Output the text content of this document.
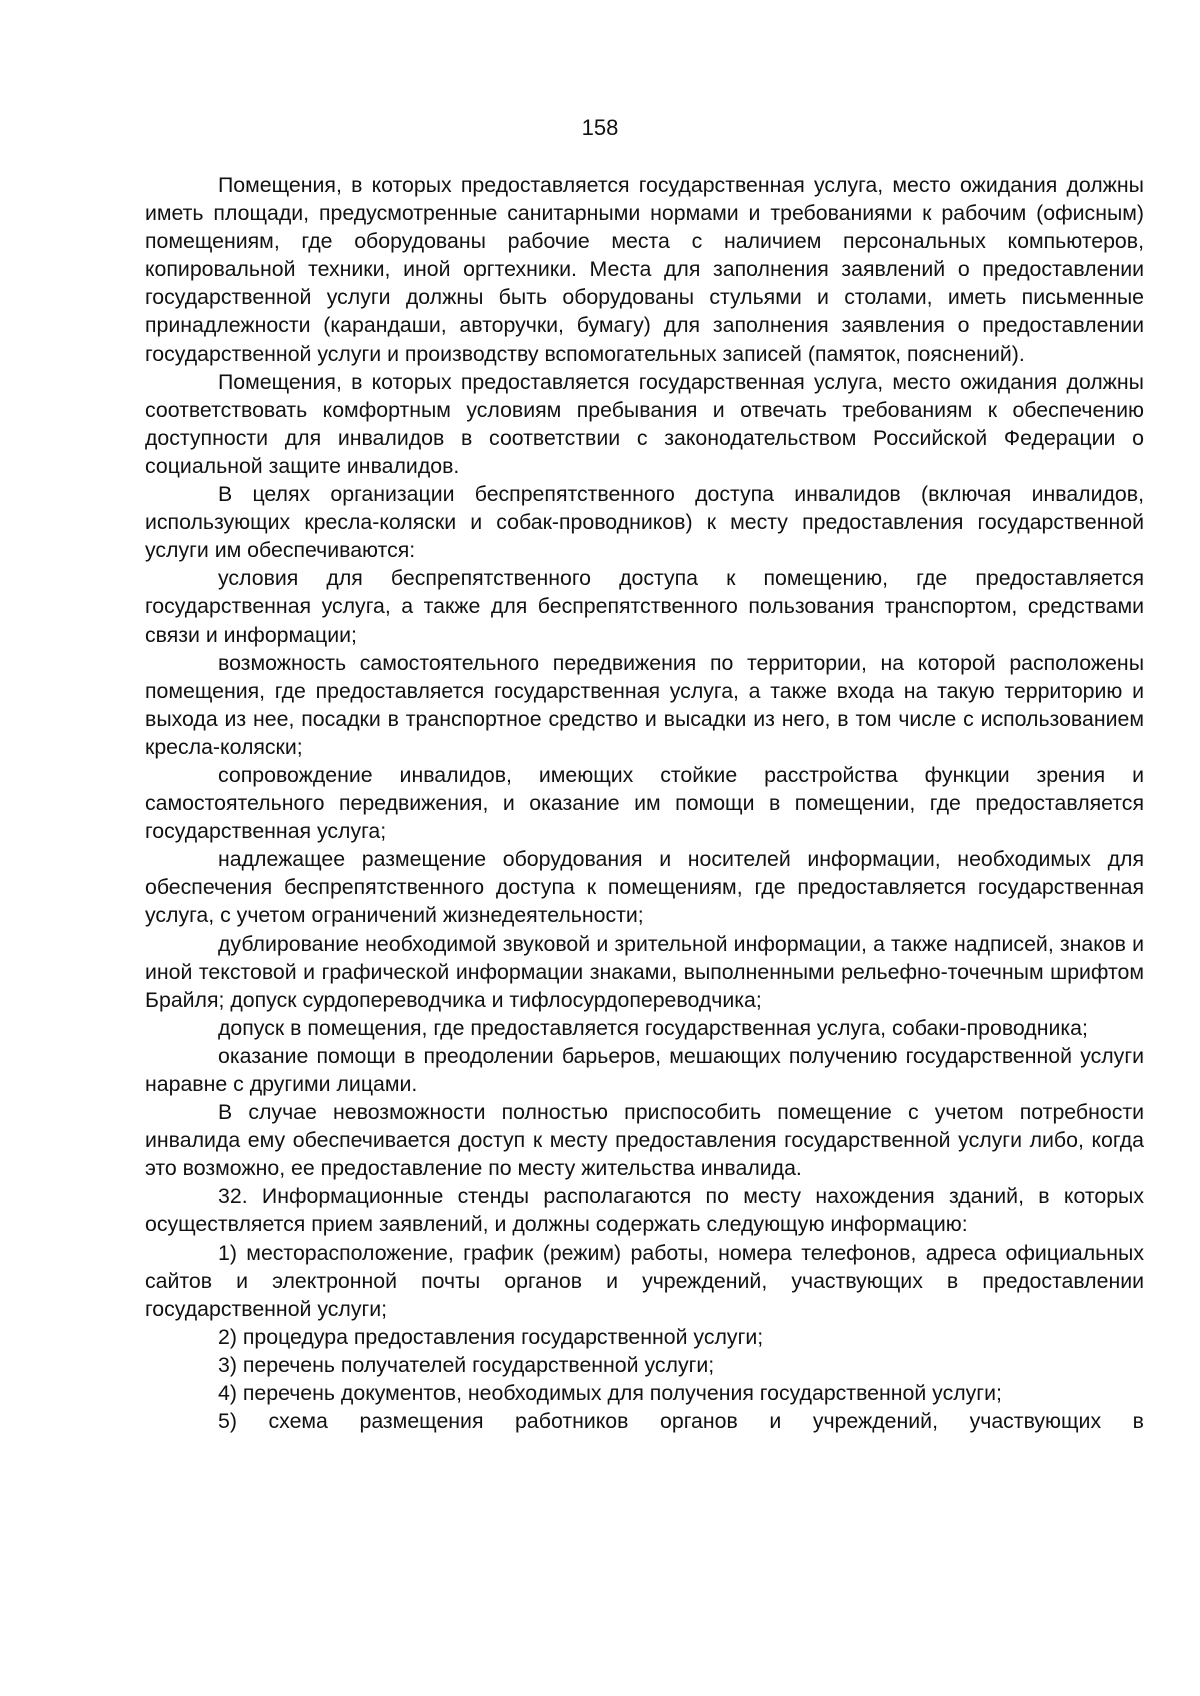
158

Помещения, в которых предоставляется государственная услуга, место ожидания должны иметь площади, предусмотренные санитарными нормами и требованиями к рабочим (офисным) помещениям, где оборудованы рабочие места с наличием персональных компьютеров, копировальной техники, иной оргтехники. Места для заполнения заявлений о предоставлении государственной услуги должны быть оборудованы стульями и столами, иметь письменные принадлежности (карандаши, авторучки, бумагу) для заполнения заявления о предоставлении государственной услуги и производству вспомогательных записей (памяток, пояснений).

Помещения, в которых предоставляется государственная услуга, место ожидания должны соответствовать комфортным условиям пребывания и отвечать требованиям к обеспечению доступности для инвалидов в соответствии с законодательством Российской Федерации о социальной защите инвалидов.

В целях организации беспрепятственного доступа инвалидов (включая инвалидов, использующих кресла-коляски и собак-проводников) к месту предоставления государственной услуги им обеспечиваются:

условия для беспрепятственного доступа к помещению, где предоставляется государственная услуга, а также для беспрепятственного пользования транспортом, средствами связи и информации;

возможность самостоятельного передвижения по территории, на которой расположены помещения, где предоставляется государственная услуга, а также входа на такую территорию и выхода из нее, посадки в транспортное средство и высадки из него, в том числе с использованием кресла-коляски;

сопровождение инвалидов, имеющих стойкие расстройства функции зрения и самостоятельного передвижения, и оказание им помощи в помещении, где предоставляется государственная услуга;

надлежащее размещение оборудования и носителей информации, необходимых для обеспечения беспрепятственного доступа к помещениям, где предоставляется государственная услуга, с учетом ограничений жизнедеятельности;

дублирование необходимой звуковой и зрительной информации, а также надписей, знаков и иной текстовой и графической информации знаками, выполненными рельефно-точечным шрифтом Брайля; допуск сурдопереводчика и тифлосурдопереводчика;

допуск в помещения, где предоставляется государственная услуга, собаки-проводника;

оказание помощи в преодолении барьеров, мешающих получению государственной услуги наравне с другими лицами.

В случае невозможности полностью приспособить помещение с учетом потребности инвалида ему обеспечивается доступ к месту предоставления государственной услуги либо, когда это возможно, ее предоставление по месту жительства инвалида.

32. Информационные стенды располагаются по месту нахождения зданий, в которых осуществляется прием заявлений, и должны содержать следующую информацию:

1) месторасположение, график (режим) работы, номера телефонов, адреса официальных сайтов и электронной почты органов и учреждений, участвующих в предоставлении государственной услуги;

2) процедура предоставления государственной услуги;

3) перечень получателей государственной услуги;

4) перечень документов, необходимых для получения государственной услуги;

5) схема размещения работников органов и учреждений, участвующих в
